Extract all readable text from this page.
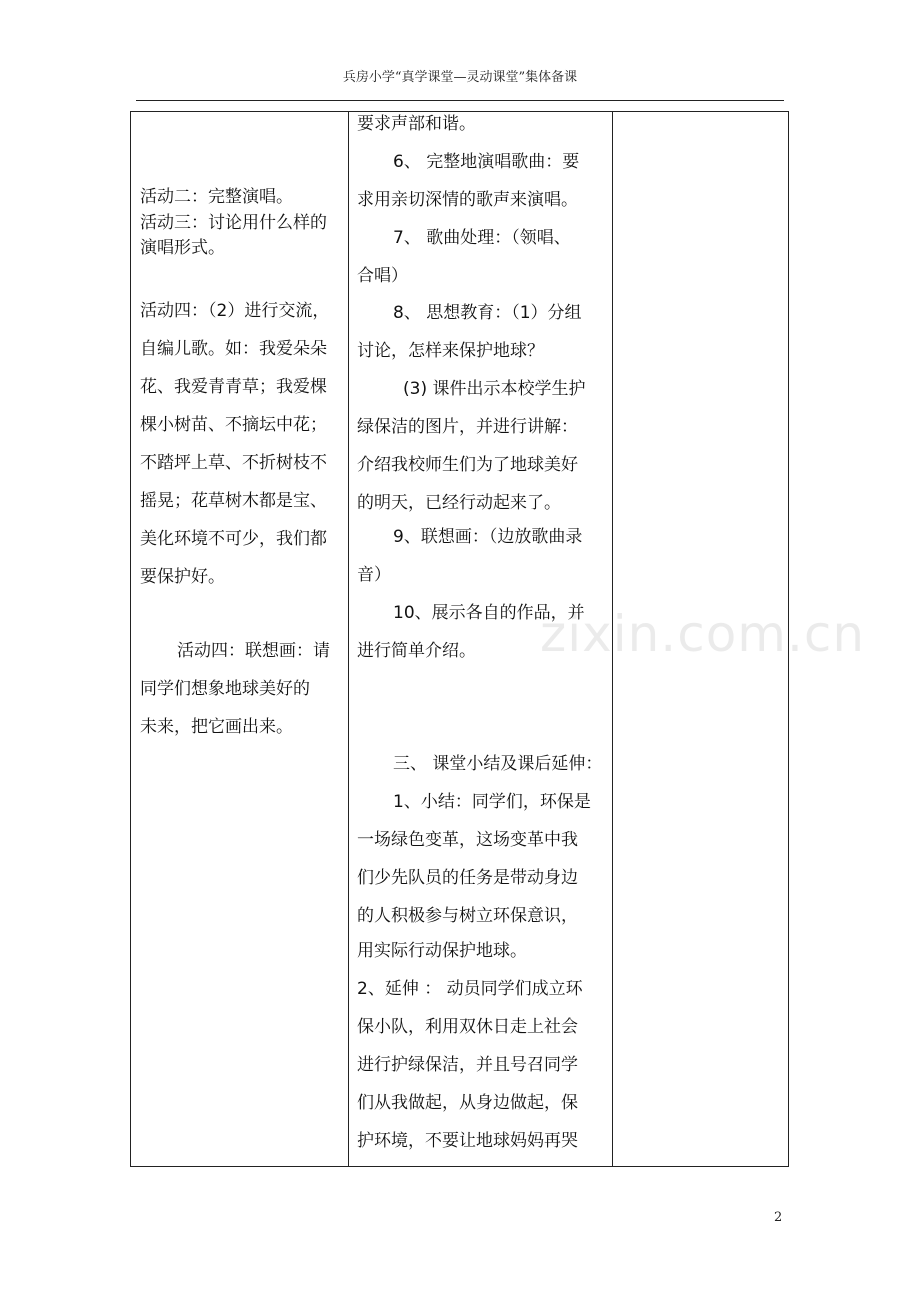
兵房小学“真学课堂—灵动课堂”集体备课
活动二：完整演唱。
活动三：讨论用什么样的
演唱形式。
活动四：（2）进行交流，
自编儿歌。如：我爱朵朵
花、我爱青青草；我爱棵
棵小树苗、不摘坛中花；
不踏坪上草、不折树枝不
摇晃；花草树木都是宝、
美化环境不可少，我们都
要保护好。
活动四：联想画：请
同学们想象地球美好的
未来，把它画出来。
要求声部和谐。
6、 完整地演唱歌曲：要
求用亲切深情的歌声来演唱。
7、 歌曲处理：（领唱、
合唱）
8、 思想教育：（1）分组
讨论，怎样来保护地球？
(3) 课件出示本校学生护
绿保洁的图片，并进行讲解：
介绍我校师生们为了地球美好
的明天，已经行动起来了。
9、联想画：（边放歌曲录
音）
10、展示各自的作品，并
进行简单介绍。
三、 课堂小结及课后延伸：
1、小结：同学们，环保是
一场绿色变革，这场变革中我
们少先队员的任务是带动身边
的人积极参与树立环保意识，
用实际行动保护地球。
2、延伸 ： 动员同学们成立环
保小队，利用双休日走上社会
进行护绿保洁，并且号召同学
们从我做起，从身边做起，保
护环境，不要让地球妈妈再哭
zixin.com.cn
2
